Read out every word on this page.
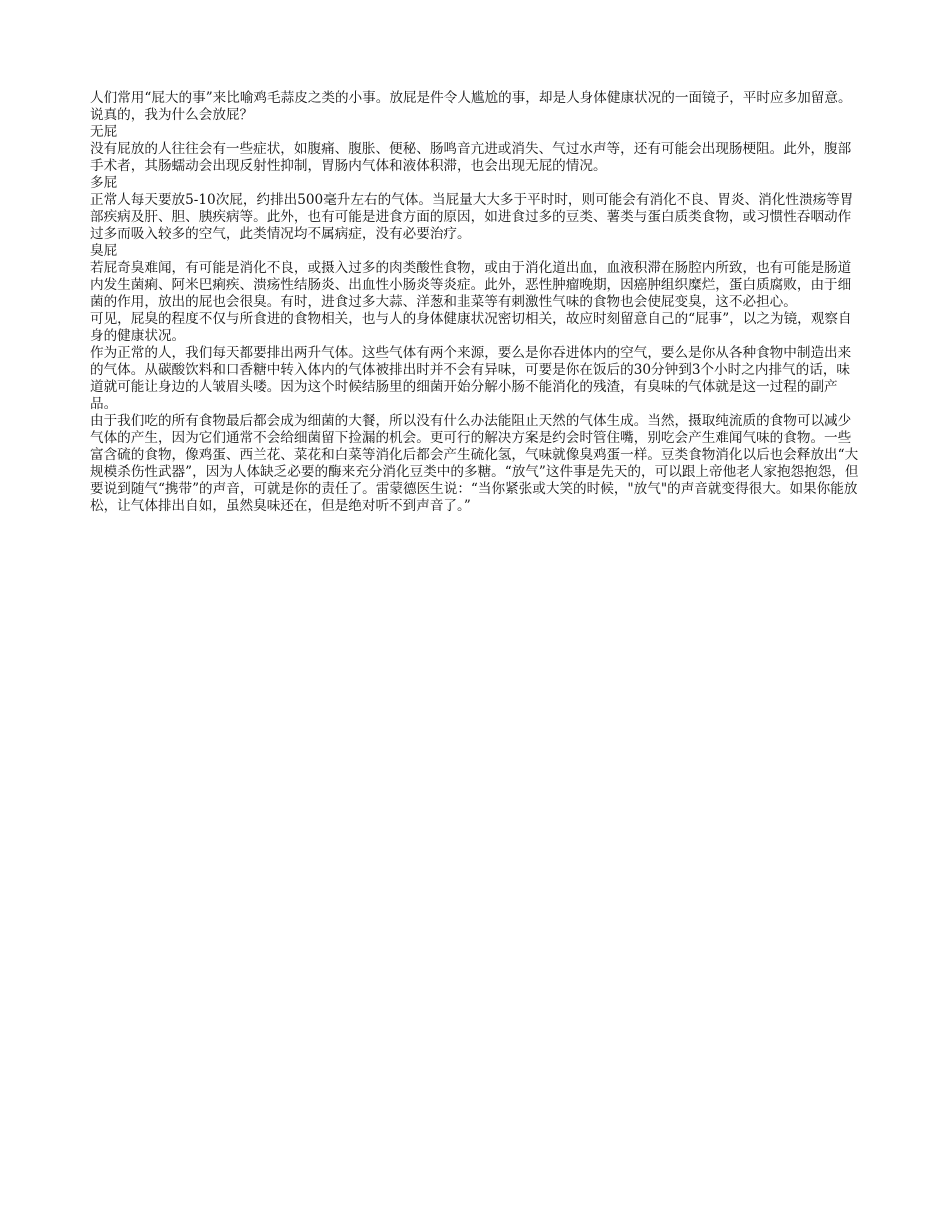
人们常用“屁大的事”来比喻鸡毛蒜皮之类的小事。放屁是件令人尴尬的事，却是人身体健康状况的一面镜子，平时应多加留意。说真的，我为什么会放屁？

无屁

没有屁放的人往往会有一些症状，如腹痛、腹胀、便秘、肠鸣音亢进或消失、气过水声等，还有可能会出现肠梗阻。此外，腹部手术者，其肠蠕动会出现反射性抑制，胃肠内气体和液体积滞，也会出现无屁的情况。

多屁

正常人每天要放5-10次屁，约排出500毫升左右的气体。当屁量大大多于平时时，则可能会有消化不良、胃炎、消化性溃疡等胃部疾病及肝、胆、胰疾病等。此外，也有可能是进食方面的原因，如进食过多的豆类、薯类与蛋白质类食物，或习惯性吞咽动作过多而吸入较多的空气，此类情况均不属病症，没有必要治疗。

臭屁

若屁奇臭难闻，有可能是消化不良，或摄入过多的肉类酸性食物，或由于消化道出血，血液积滞在肠腔内所致，也有可能是肠道内发生菌痢、阿米巴痢疾、溃疡性结肠炎、出血性小肠炎等炎症。此外，恶性肿瘤晚期，因癌肿组织糜烂，蛋白质腐败，由于细菌的作用，放出的屁也会很臭。有时，进食过多大蒜、洋葱和韭菜等有刺激性气味的食物也会使屁变臭，这不必担心。

可见，屁臭的程度不仅与所食进的食物相关，也与人的身体健康状况密切相关，故应时刻留意自己的“屁事”，以之为镜，观察自身的健康状况。

作为正常的人，我们每天都要排出两升气体。这些气体有两个来源，要么是你吞进体内的空气，要么是你从各种食物中制造出来的气体。从碳酸饮料和口香糖中转入体内的气体被排出时并不会有异味，可要是你在饭后的30分钟到3个小时之内排气的话，味道就可能让身边的人皱眉头喽。因为这个时候结肠里的细菌开始分解小肠不能消化的残渣，有臭味的气体就是这一过程的副产品。

由于我们吃的所有食物最后都会成为细菌的大餐，所以没有什么办法能阻止天然的气体生成。当然，摄取纯流质的食物可以减少气体的产生，因为它们通常不会给细菌留下捡漏的机会。更可行的解决方案是约会时管住嘴，别吃会产生难闻气味的食物。一些富含硫的食物，像鸡蛋、西兰花、菜花和白菜等消化后都会产生硫化氢，气味就像臭鸡蛋一样。豆类食物消化以后也会释放出“大规模杀伤性武器”，因为人体缺乏必要的酶来充分消化豆类中的多糖。“放气”这件事是先天的，可以跟上帝他老人家抱怨抱怨，但要说到随气“携带”的声音，可就是你的责任了。雷蒙德医生说：“当你紧张或大笑的时候，"放气"的声音就变得很大。如果你能放松，让气体排出自如，虽然臭味还在，但是绝对听不到声音了。”
